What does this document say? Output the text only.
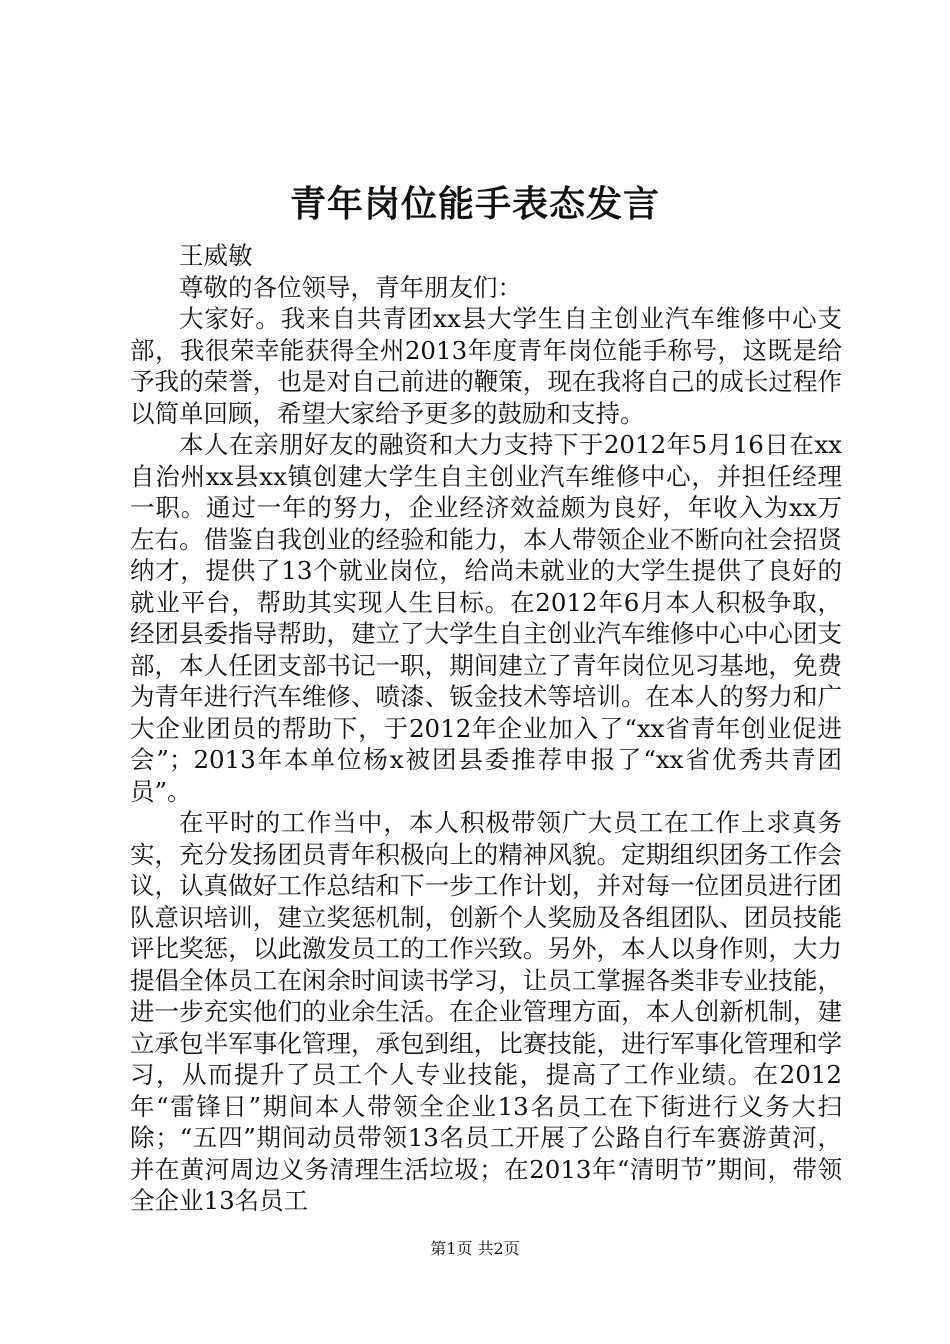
青年岗位能手表态发言

王威敏

尊敬的各位领导，青年朋友们：

大家好。我来自共青团xx县大学生自主创业汽车维修中心支部，我很荣幸能获得全州2013年度青年岗位能手称号，这既是给予我的荣誉，也是对自己前进的鞭策，现在我将自己的成长过程作以简单回顾，希望大家给予更多的鼓励和支持。

本人在亲朋好友的融资和大力支持下于2012年5月16日在xx自治州xx县xx镇创建大学生自主创业汽车维修中心，并担任经理一职。通过一年的努力，企业经济效益颇为良好，年收入为xx万左右。借鉴自我创业的经验和能力，本人带领企业不断向社会招贤纳才，提供了13个就业岗位，给尚未就业的大学生提供了良好的就业平台，帮助其实现人生目标。在2012年6月本人积极争取，经团县委指导帮助，建立了大学生自主创业汽车维修中心中心团支部，本人任团支部书记一职，期间建立了青年岗位见习基地，免费为青年进行汽车维修、喷漆、钣金技术等培训。在本人的努力和广大企业团员的帮助下，于2012年企业加入了“xx省青年创业促进会”；2013年本单位杨x被团县委推荐申报了“xx省优秀共青团员”。

在平时的工作当中，本人积极带领广大员工在工作上求真务实，充分发扬团员青年积极向上的精神风貌。定期组织团务工作会议，认真做好工作总结和下一步工作计划，并对每一位团员进行团队意识培训，建立奖惩机制，创新个人奖励及各组团队、团员技能评比奖惩，以此激发员工的工作兴致。另外，本人以身作则，大力提倡全体员工在闲余时间读书学习，让员工掌握各类非专业技能，进一步充实他们的业余生活。在企业管理方面，本人创新机制，建立承包半军事化管理，承包到组，比赛技能，进行军事化管理和学习，从而提升了员工个人专业技能，提高了工作业绩。在2012年“雷锋日”期间本人带领全企业13名员工在下街进行义务大扫除；“五四”期间动员带领13名员工开展了公路自行车赛游黄河，并在黄河周边义务清理生活垃圾；在2013年“清明节”期间，带领全企业13名员工

第1页 共2页
